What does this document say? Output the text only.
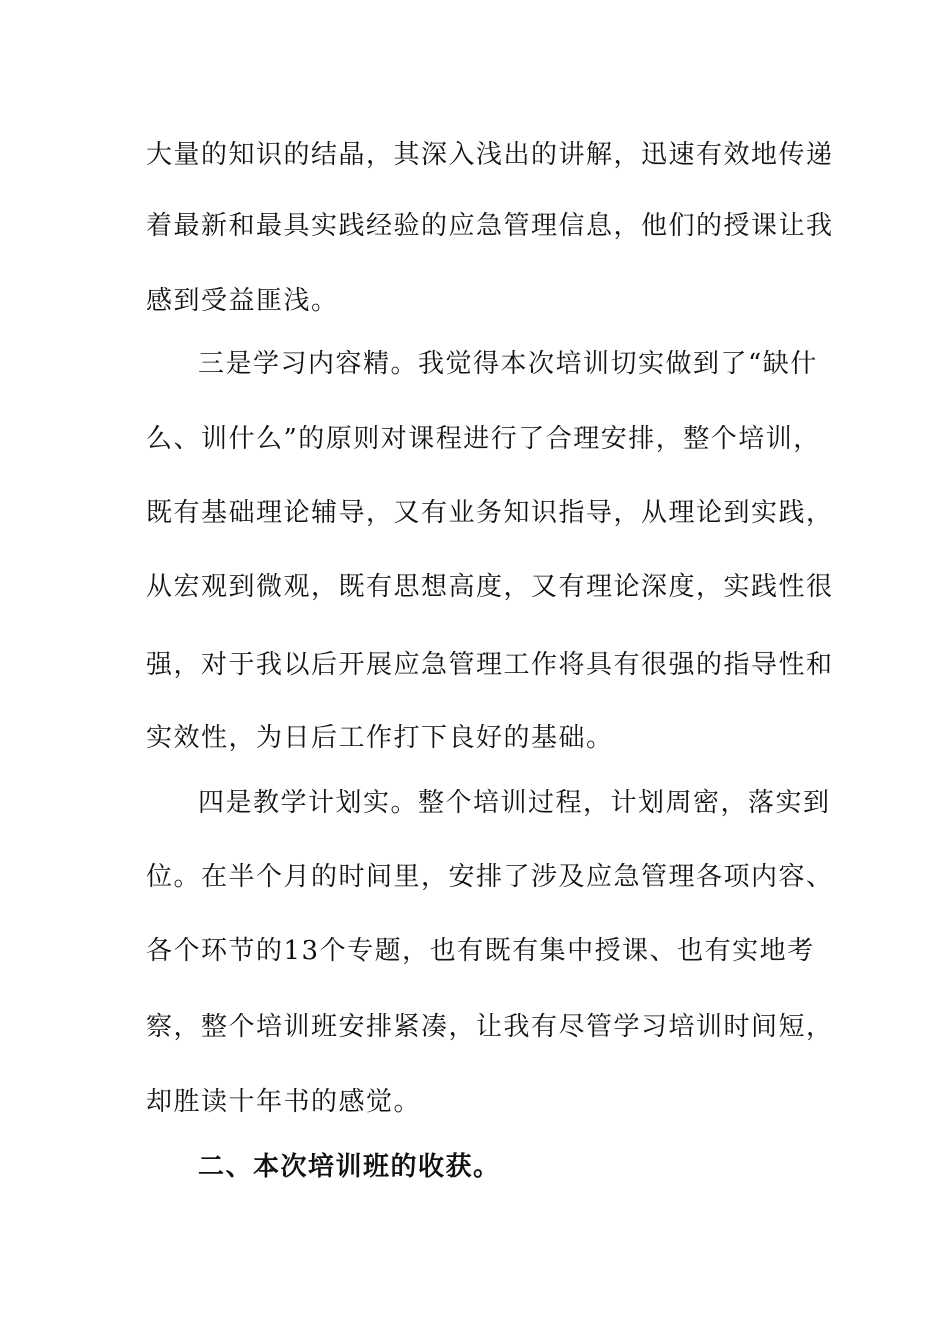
大量的知识的结晶，其深入浅出的讲解，迅速有效地传递
着最新和最具实践经验的应急管理信息，他们的授课让我
感到受益匪浅。
三是学习内容精。我觉得本次培训切实做到了“缺什
么、训什么”的原则对课程进行了合理安排，整个培训，
既有基础理论辅导，又有业务知识指导，从理论到实践，
从宏观到微观，既有思想高度，又有理论深度，实践性很
强，对于我以后开展应急管理工作将具有很强的指导性和
实效性，为日后工作打下良好的基础。
四是教学计划实。整个培训过程，计划周密，落实到
位。在半个月的时间里，安排了涉及应急管理各项内容、
各个环节的13个专题，也有既有集中授课、也有实地考
察，整个培训班安排紧凑，让我有尽管学习培训时间短，
却胜读十年书的感觉。
二、本次培训班的收获。
